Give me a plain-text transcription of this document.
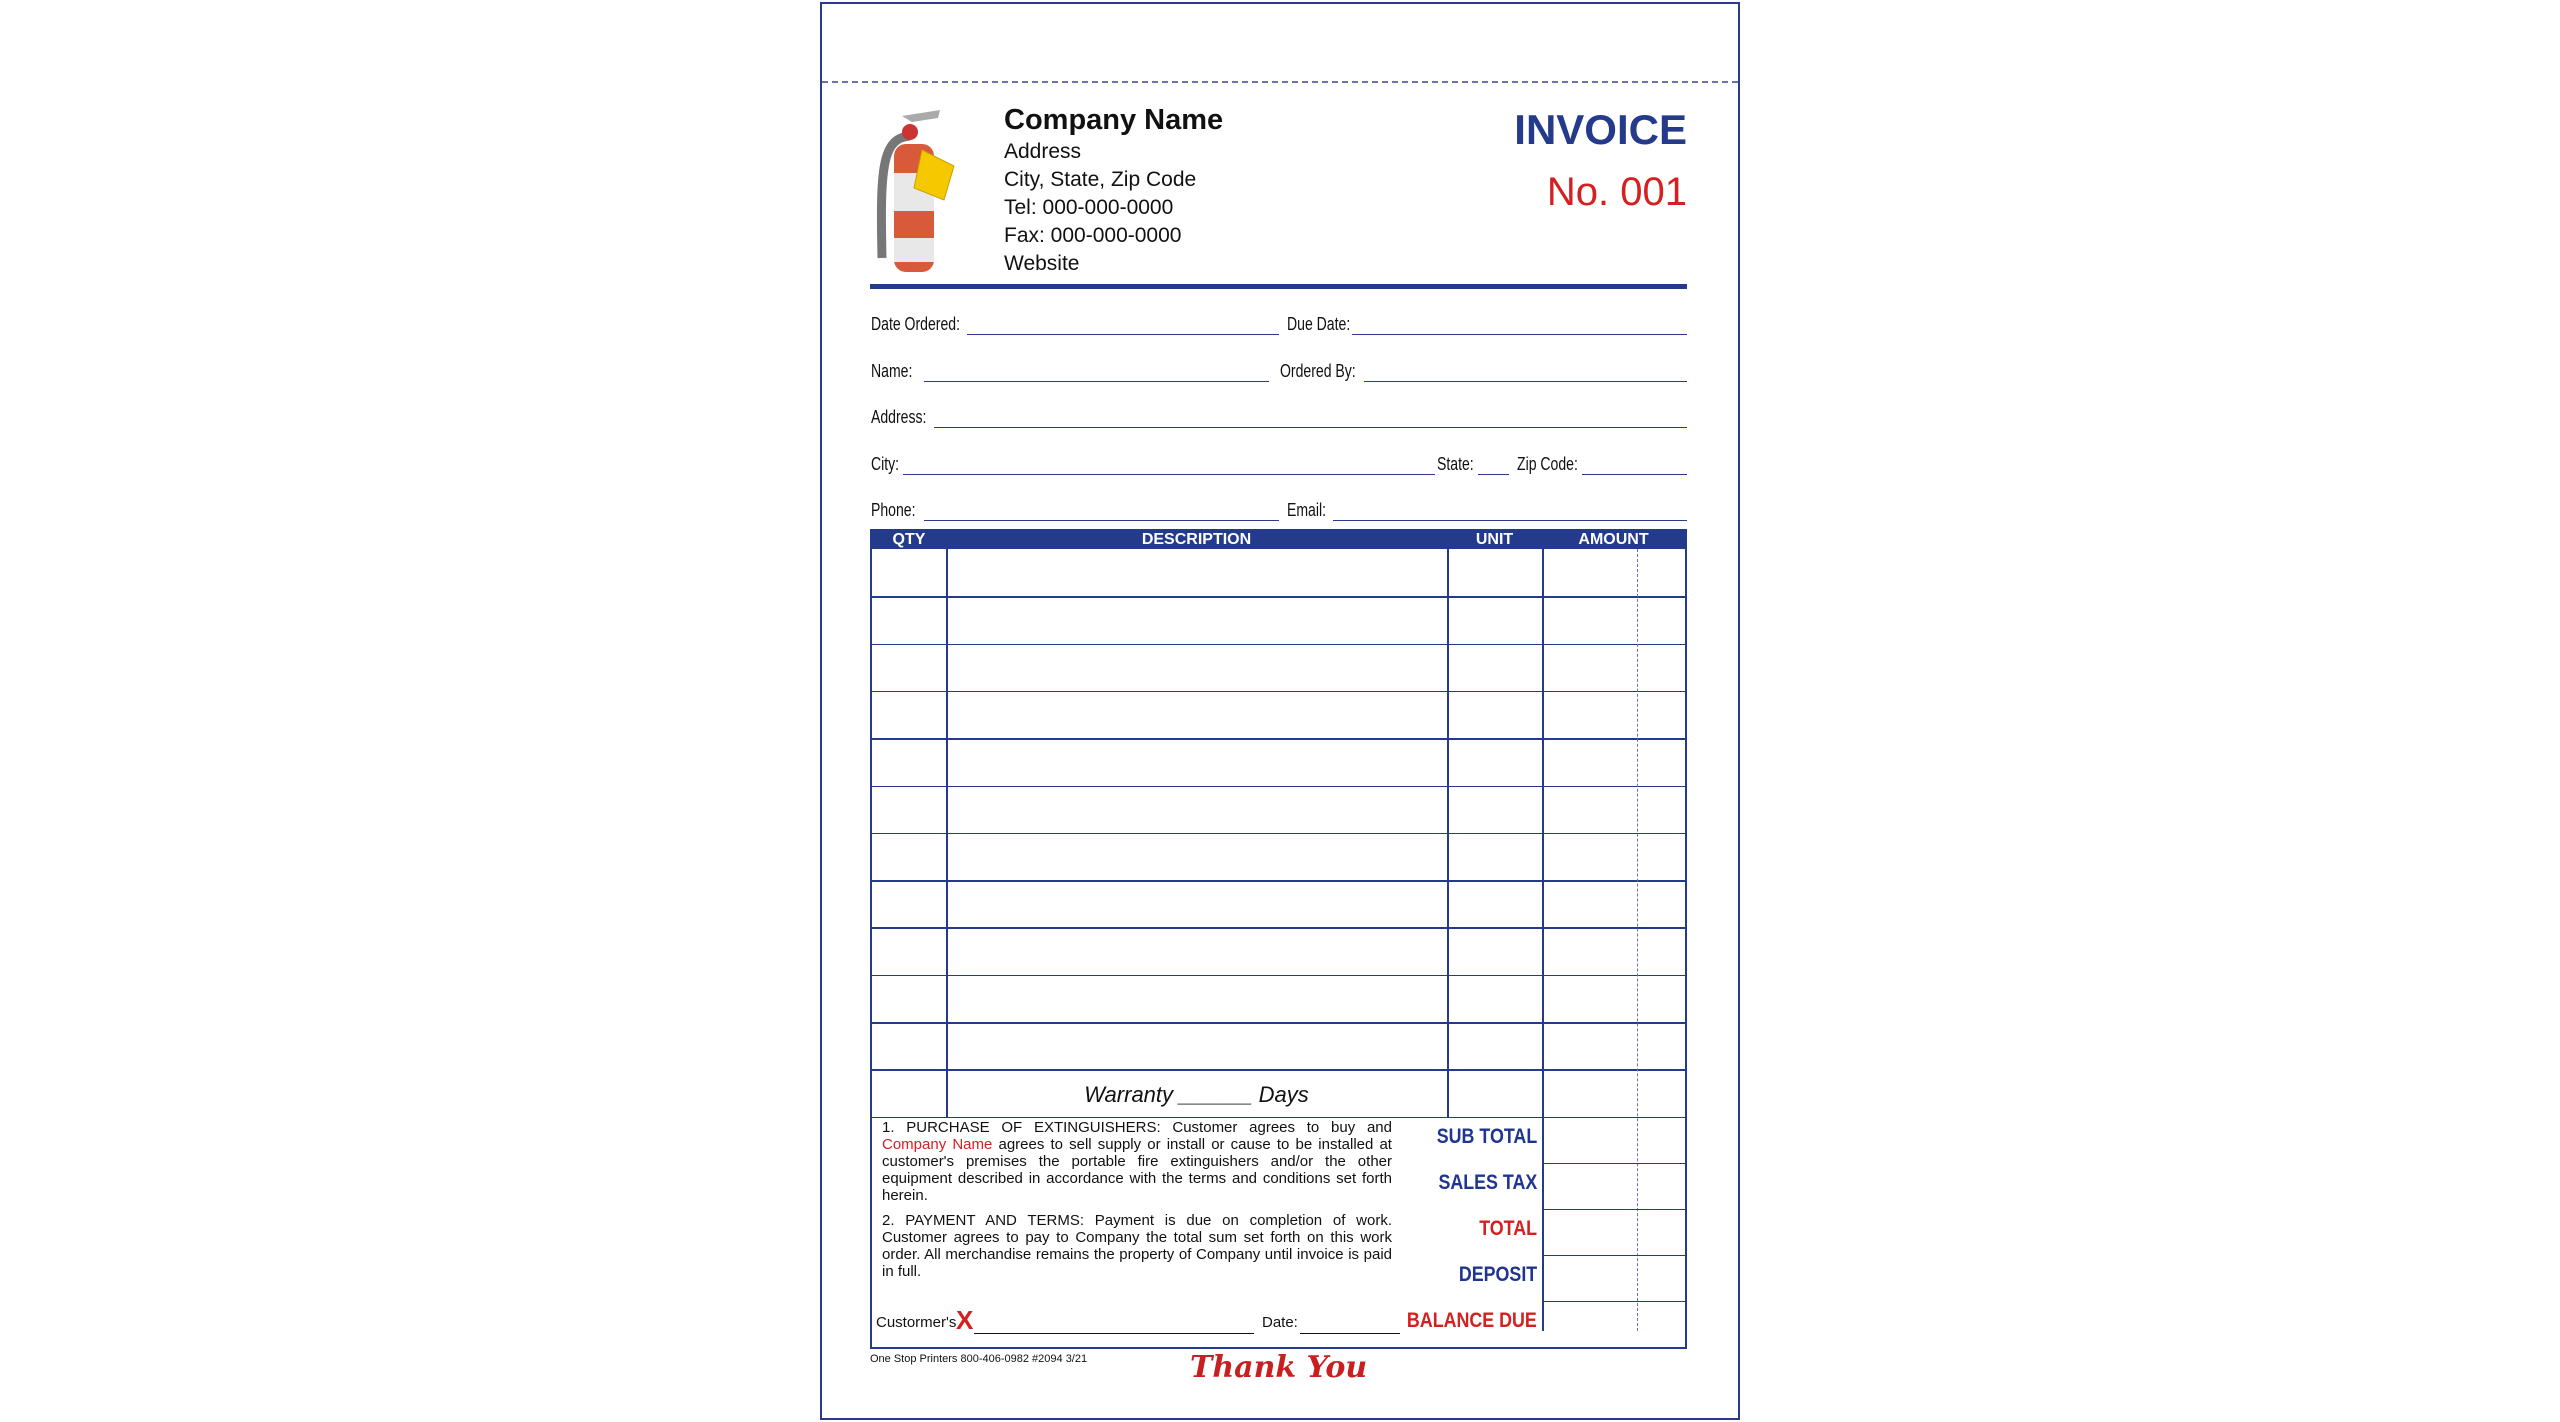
Company Name
Address
City, State, Zip Code
Tel: 000-000-0000
Fax: 000-000-0000
Website
INVOICE
No. 001
Date Ordered:	Due Date:
Name:	Ordered By:
Address:
City:	State: Zip Code:
Phone:	Email:
QTY	DESCRIPTION	UNIT	AMOUNT
Warranty ______ Days
1. PURCHASE OF EXTINGUISHERS: Customer agrees to buy and Company Name agrees to sell supply or install or cause to be installed at customer's premises the portable fire extinguishers and/or the other equipment described in accordance with the terms and conditions set forth herein.
2. PAYMENT AND TERMS: Payment is due on completion of work. Customer agrees to pay to Company the total sum set forth on this work order. All merchandise remains the property of Company until invoice is paid in full.
Custormer's X	Date:
SUB TOTAL
SALES TAX
TOTAL
DEPOSIT
BALANCE DUE
One Stop Printers 800-406-0982 #2094 3/21	Thank You
